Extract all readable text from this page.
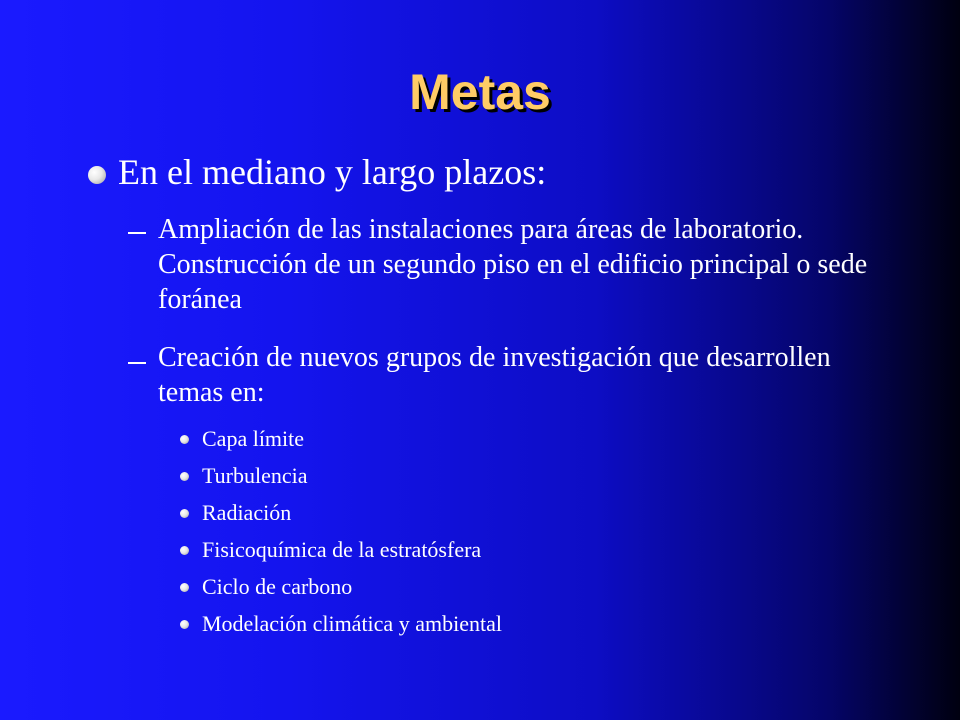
Metas
En el mediano y largo plazos:
Ampliación de las instalaciones para áreas de laboratorio. Construcción de un segundo piso en el edificio principal o sede foránea
Creación de nuevos grupos de investigación que desarrollen temas en:
Capa límite
Turbulencia
Radiación
Fisicoquímica de la estratósfera
Ciclo de carbono
Modelación climática y ambiental
